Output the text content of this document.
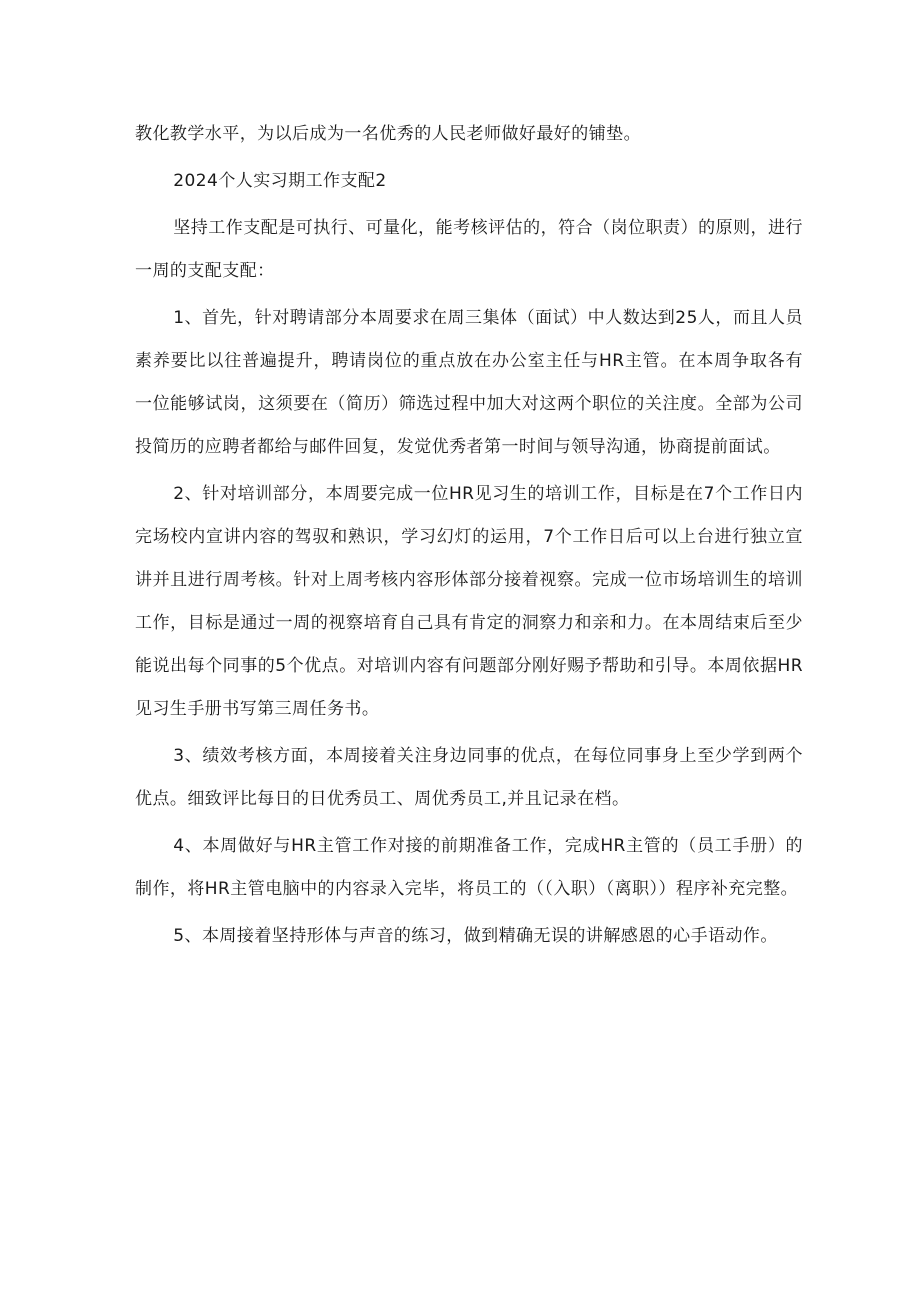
教化教学水平，为以后成为一名优秀的人民老师做好最好的铺垫。

2024个人实习期工作支配2

坚持工作支配是可执行、可量化，能考核评估的，符合（岗位职责）的原则，进行一周的支配支配：

1、首先，针对聘请部分本周要求在周三集体（面试）中人数达到25人，而且人员素养要比以往普遍提升，聘请岗位的重点放在办公室主任与HR主管。在本周争取各有一位能够试岗，这须要在（简历）筛选过程中加大对这两个职位的关注度。全部为公司投简历的应聘者都给与邮件回复，发觉优秀者第一时间与领导沟通，协商提前面试。

2、针对培训部分，本周要完成一位HR见习生的培训工作，目标是在7个工作日内完场校内宣讲内容的驾驭和熟识，学习幻灯的运用，7个工作日后可以上台进行独立宣讲并且进行周考核。针对上周考核内容形体部分接着视察。完成一位市场培训生的培训工作，目标是通过一周的视察培育自己具有肯定的洞察力和亲和力。在本周结束后至少能说出每个同事的5个优点。对培训内容有问题部分刚好赐予帮助和引导。本周依据HR见习生手册书写第三周任务书。

3、绩效考核方面，本周接着关注身边同事的优点，在每位同事身上至少学到两个优点。细致评比每日的日优秀员工、周优秀员工,并且记录在档。

4、本周做好与HR主管工作对接的前期准备工作，完成HR主管的（员工手册）的制作，将HR主管电脑中的内容录入完毕，将员工的（（入职）（离职））程序补充完整。

5、本周接着坚持形体与声音的练习，做到精确无误的讲解感恩的心手语动作。
